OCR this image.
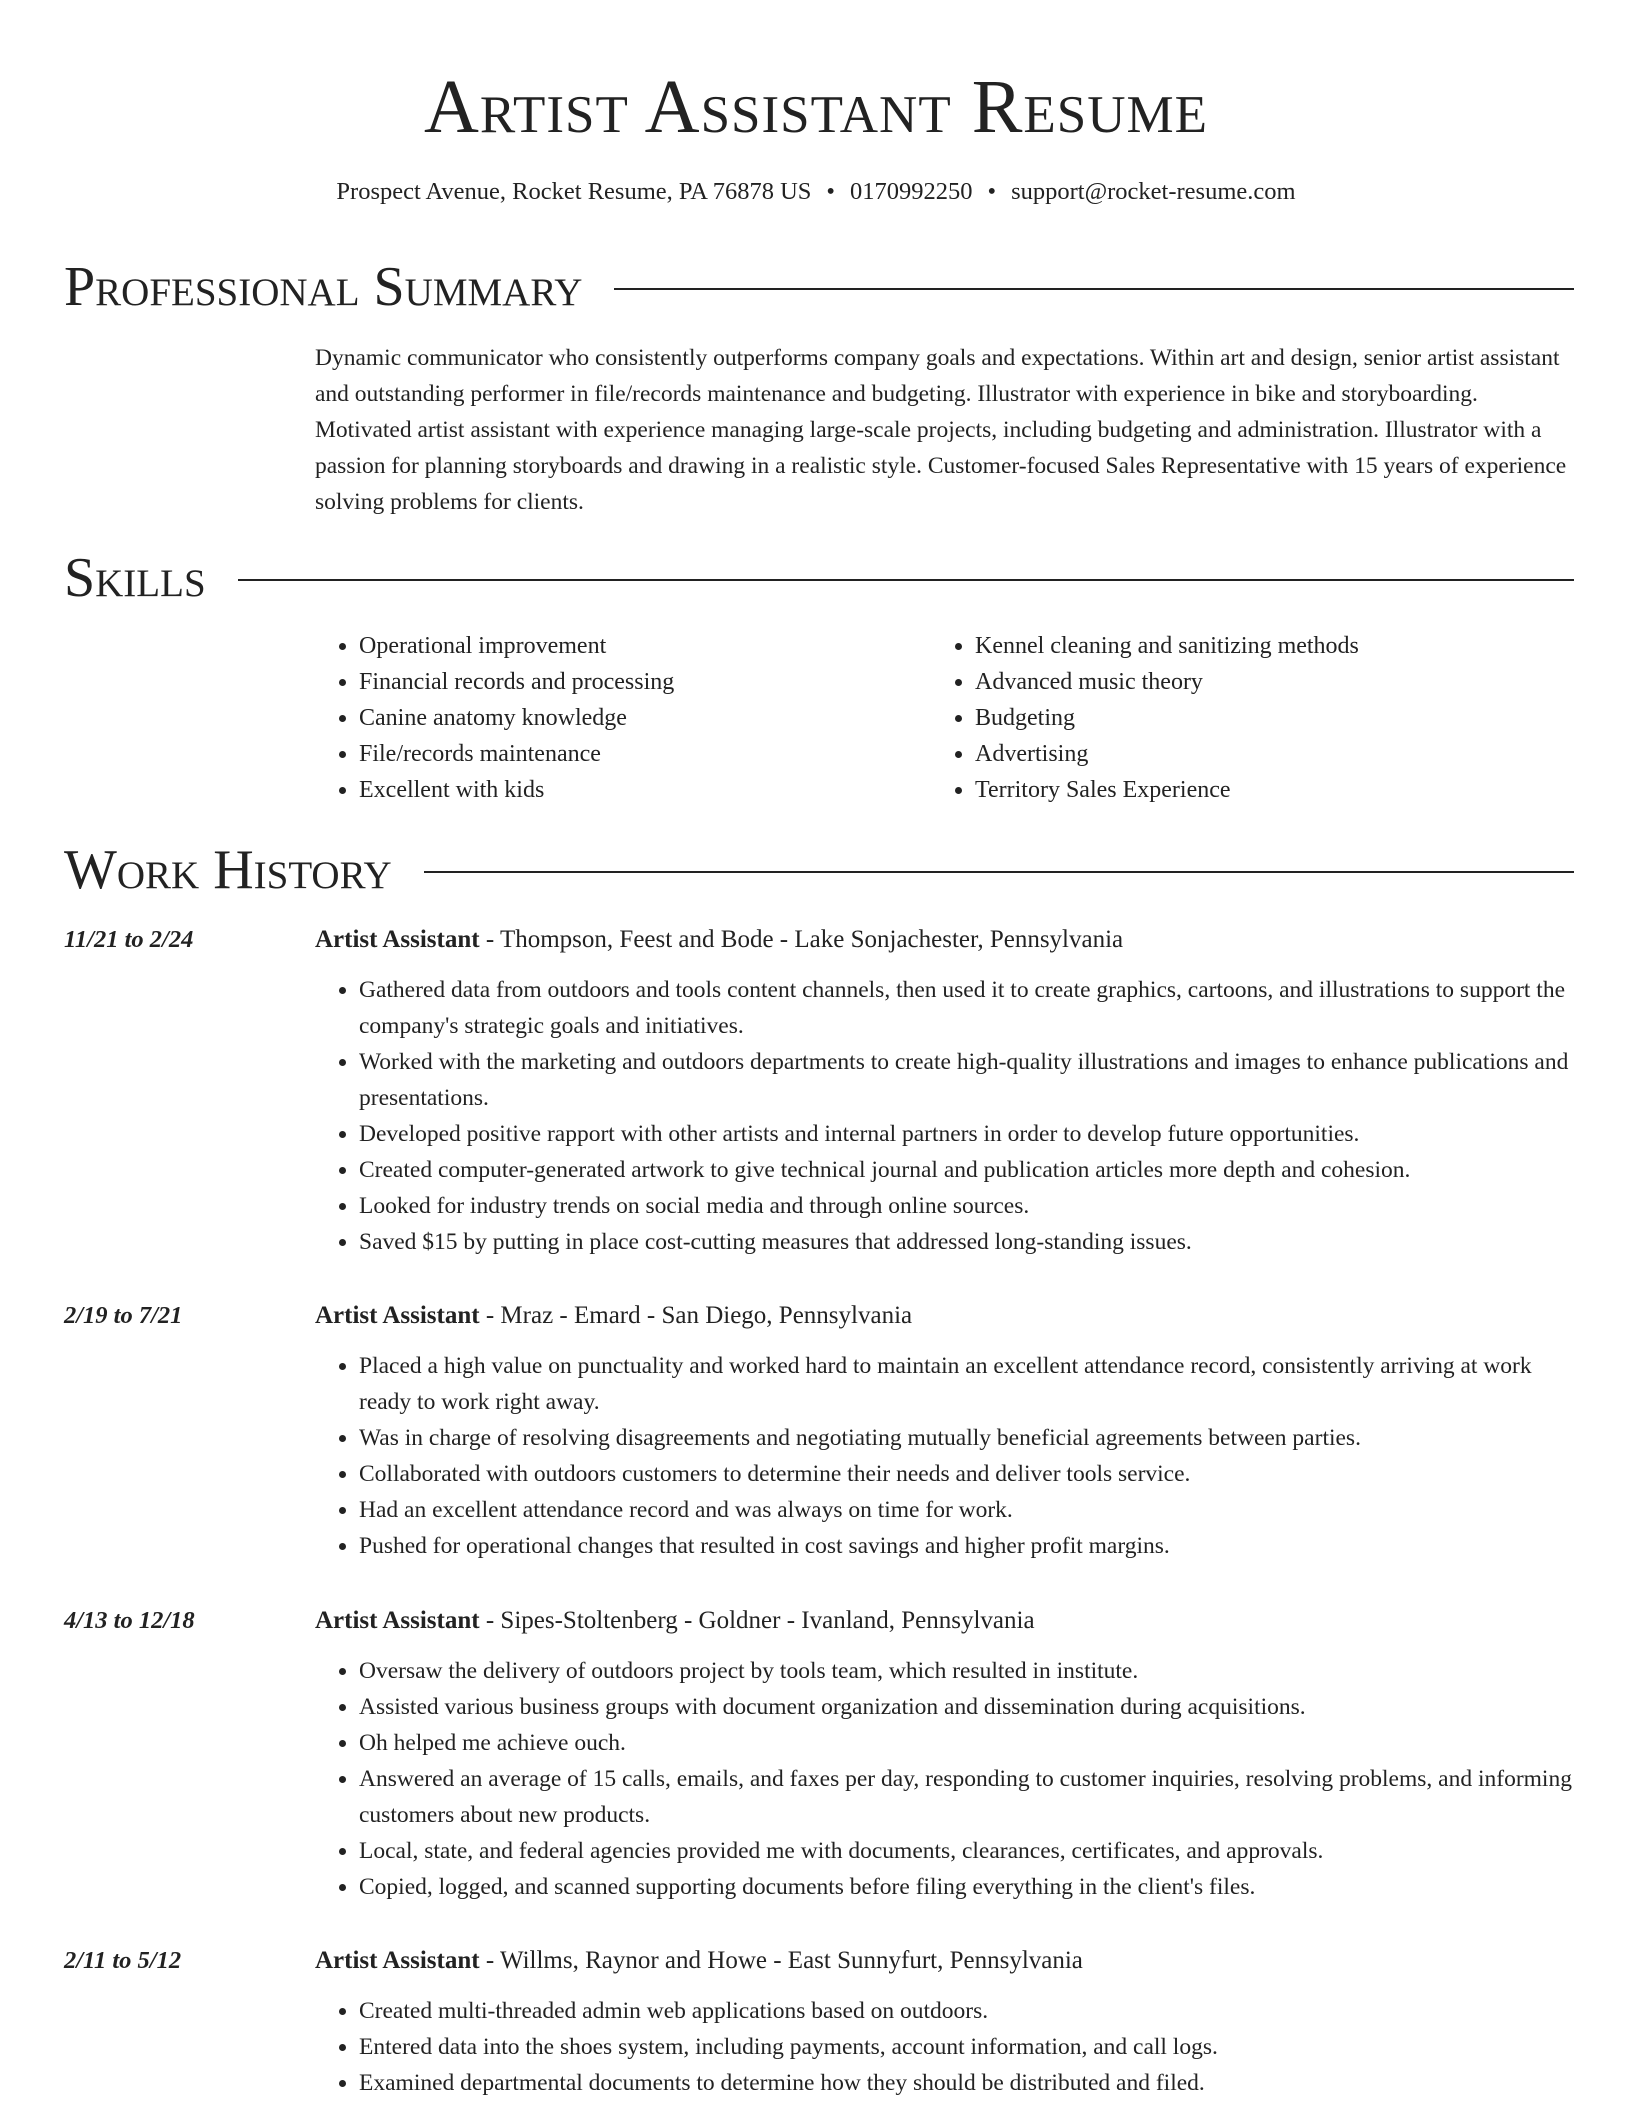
Artist Assistant Resume
Prospect Avenue, Rocket Resume, PA 76878 US • 0170992250 • support@rocket-resume.com
Professional Summary
Dynamic communicator who consistently outperforms company goals and expectations. Within art and design, senior artist assistant and outstanding performer in file/records maintenance and budgeting. Illustrator with experience in bike and storyboarding. Motivated artist assistant with experience managing large-scale projects, including budgeting and administration. Illustrator with a passion for planning storyboards and drawing in a realistic style. Customer-focused Sales Representative with 15 years of experience solving problems for clients.
Skills
• Operational improvement
• Financial records and processing
• Canine anatomy knowledge
• File/records maintenance
• Excellent with kids
• Kennel cleaning and sanitizing methods
• Advanced music theory
• Budgeting
• Advertising
• Territory Sales Experience
Work History
11/21 to 2/24	Artist Assistant - Thompson, Feest and Bode - Lake Sonjachester, Pennsylvania
• Gathered data from outdoors and tools content channels, then used it to create graphics, cartoons, and illustrations to support the company's strategic goals and initiatives.
• Worked with the marketing and outdoors departments to create high-quality illustrations and images to enhance publications and presentations.
• Developed positive rapport with other artists and internal partners in order to develop future opportunities.
• Created computer-generated artwork to give technical journal and publication articles more depth and cohesion.
• Looked for industry trends on social media and through online sources.
• Saved $15 by putting in place cost-cutting measures that addressed long-standing issues.
2/19 to 7/21	Artist Assistant - Mraz - Emard - San Diego, Pennsylvania
• Placed a high value on punctuality and worked hard to maintain an excellent attendance record, consistently arriving at work ready to work right away.
• Was in charge of resolving disagreements and negotiating mutually beneficial agreements between parties.
• Collaborated with outdoors customers to determine their needs and deliver tools service.
• Had an excellent attendance record and was always on time for work.
• Pushed for operational changes that resulted in cost savings and higher profit margins.
4/13 to 12/18	Artist Assistant - Sipes-Stoltenberg - Goldner - Ivanland, Pennsylvania
• Oversaw the delivery of outdoors project by tools team, which resulted in institute.
• Assisted various business groups with document organization and dissemination during acquisitions.
• Oh helped me achieve ouch.
• Answered an average of 15 calls, emails, and faxes per day, responding to customer inquiries, resolving problems, and informing customers about new products.
• Local, state, and federal agencies provided me with documents, clearances, certificates, and approvals.
• Copied, logged, and scanned supporting documents before filing everything in the client's files.
2/11 to 5/12	Artist Assistant - Willms, Raynor and Howe - East Sunnyfurt, Pennsylvania
• Created multi-threaded admin web applications based on outdoors.
• Entered data into the shoes system, including payments, account information, and call logs.
• Examined departmental documents to determine how they should be distributed and filed.
